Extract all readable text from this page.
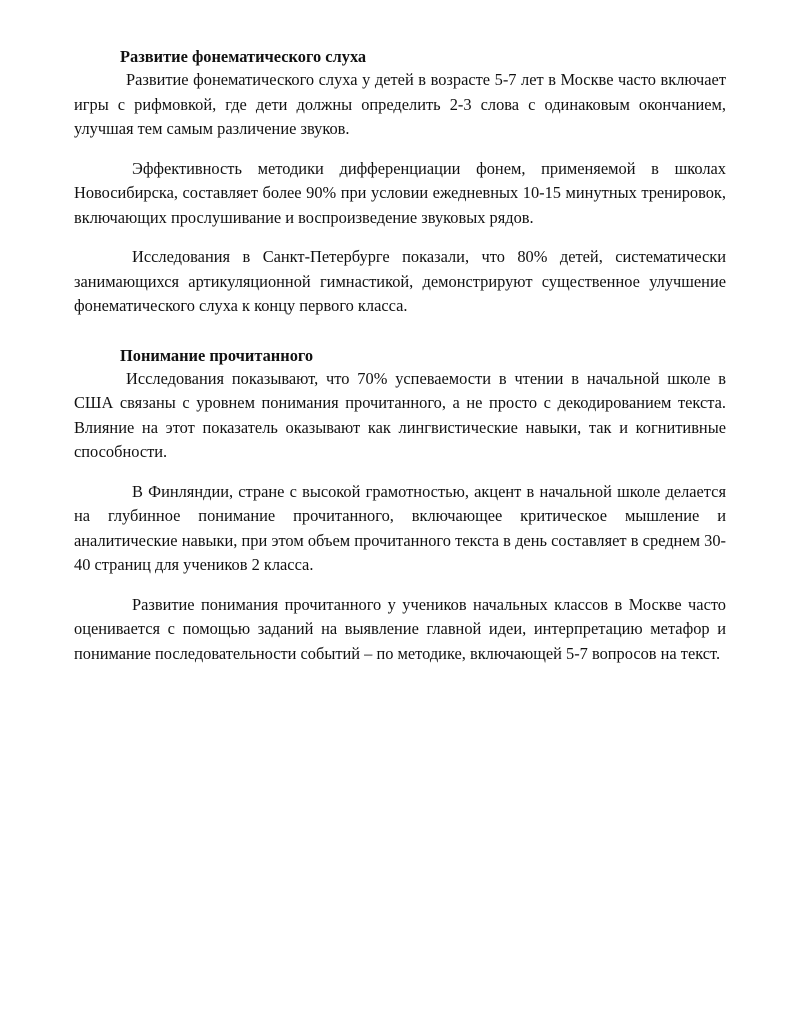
Развитие фонематического слуха

Развитие фонематического слуха у детей в возрасте 5-7 лет в Москве часто включает игры с рифмовкой, где дети должны определить 2-3 слова с одинаковым окончанием, улучшая тем самым различение звуков.

Эффективность методики дифференциации фонем, применяемой в школах Новосибирска, составляет более 90% при условии ежедневных 10-15 минутных тренировок, включающих прослушивание и воспроизведение звуковых рядов.

Исследования в Санкт-Петербурге показали, что 80% детей, систематически занимающихся артикуляционной гимнастикой, демонстрируют существенное улучшение фонематического слуха к концу первого класса.

Понимание прочитанного

Исследования показывают, что 70% успеваемости в чтении в начальной школе в США связаны с уровнем понимания прочитанного, а не просто с декодированием текста. Влияние на этот показатель оказывают как лингвистические навыки, так и когнитивные способности.

В Финляндии, стране с высокой грамотностью, акцент в начальной школе делается на глубинное понимание прочитанного, включающее критическое мышление и аналитические навыки, при этом объем прочитанного текста в день составляет в среднем 30-40 страниц для учеников 2 класса.

Развитие понимания прочитанного у учеников начальных классов в Москве часто оценивается с помощью заданий на выявление главной идеи, интерпретацию метафор и понимание последовательности событий – по методике, включающей 5-7 вопросов на текст.
